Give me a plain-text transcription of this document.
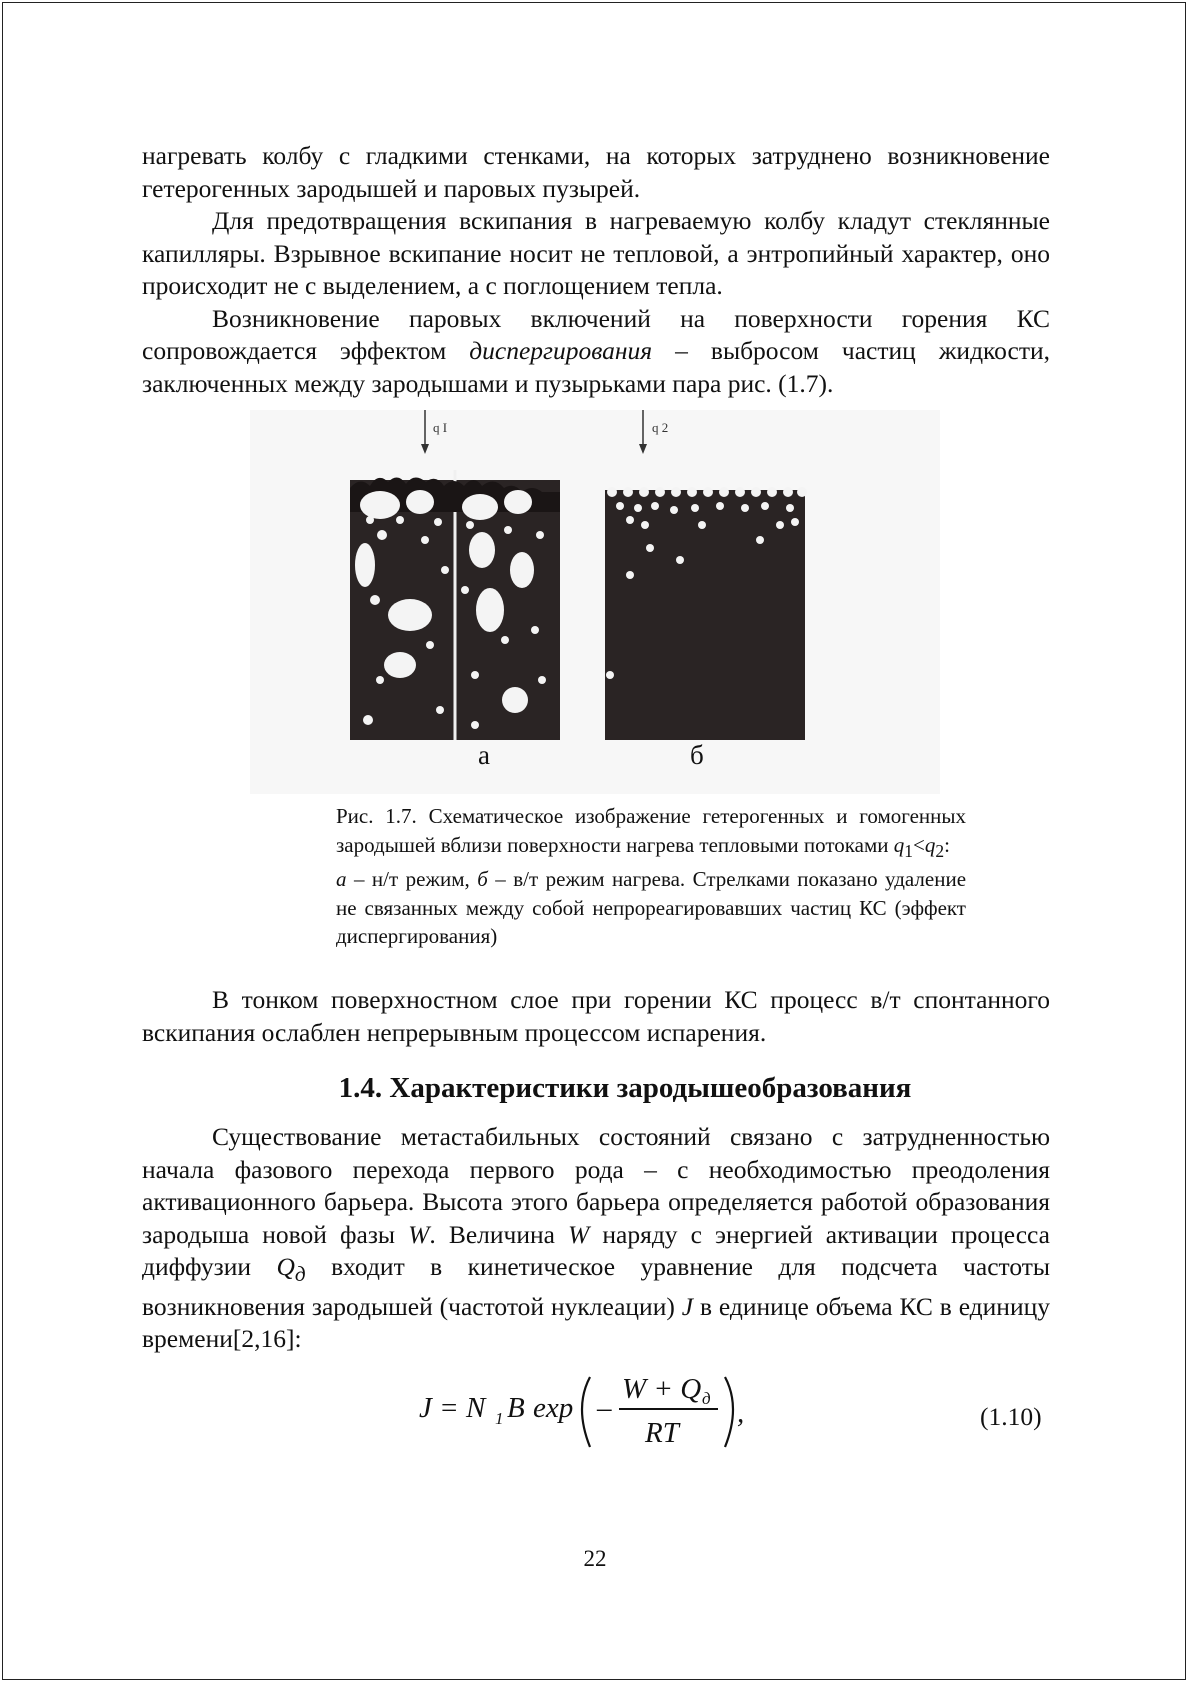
нагревать колбу с гладкими стенками, на которых затруднено возникновение гетерогенных зародышей и паровых пузырей.

Для предотвращения вскипания в нагреваемую колбу кладут стеклянные капилляры. Взрывное вскипание носит не тепловой, а энтропийный характер, оно происходит не с выделением, а с поглощением тепла.

Возникновение паровых включений на поверхности горения КС сопровождается эффектом диспергирования – выбросом частиц жидкости, заключенных между зародышами и пузырьками пара рис. (1.7).

q I	q 2
а	б

Рис. 1.7. Схематическое изображение гетерогенных и гомогенных зародышей вблизи поверхности нагрева тепловыми потоками $q_1<q_2$:

а – н/т режим, б – в/т режим нагрева. Стрелками показано удаление не связанных между собой непрореагировавших частиц КС (эффект диспергирования)

В тонком поверхностном слое при горении КС процесс в/т спонтанного вскипания ослаблен непрерывным процессом испарения.

1.4. Характеристики зародышеобразования

Существование метастабильных состояний связано с затрудненностью начала фазового перехода первого рода – с необходимостью преодоления активационного барьера. Высота этого барьера определяется работой образования зародыша новой фазы W. Величина W наряду с энергией активации процесса диффузии $Q_д$ входит в кинетическое уравнение для подсчета частоты возникновения зародышей (частотой нуклеации) J в единице объема КС в единицу времени[2,16]:

J = N 1 B exp –
W + Q д
RT
,	(1.10)
22
